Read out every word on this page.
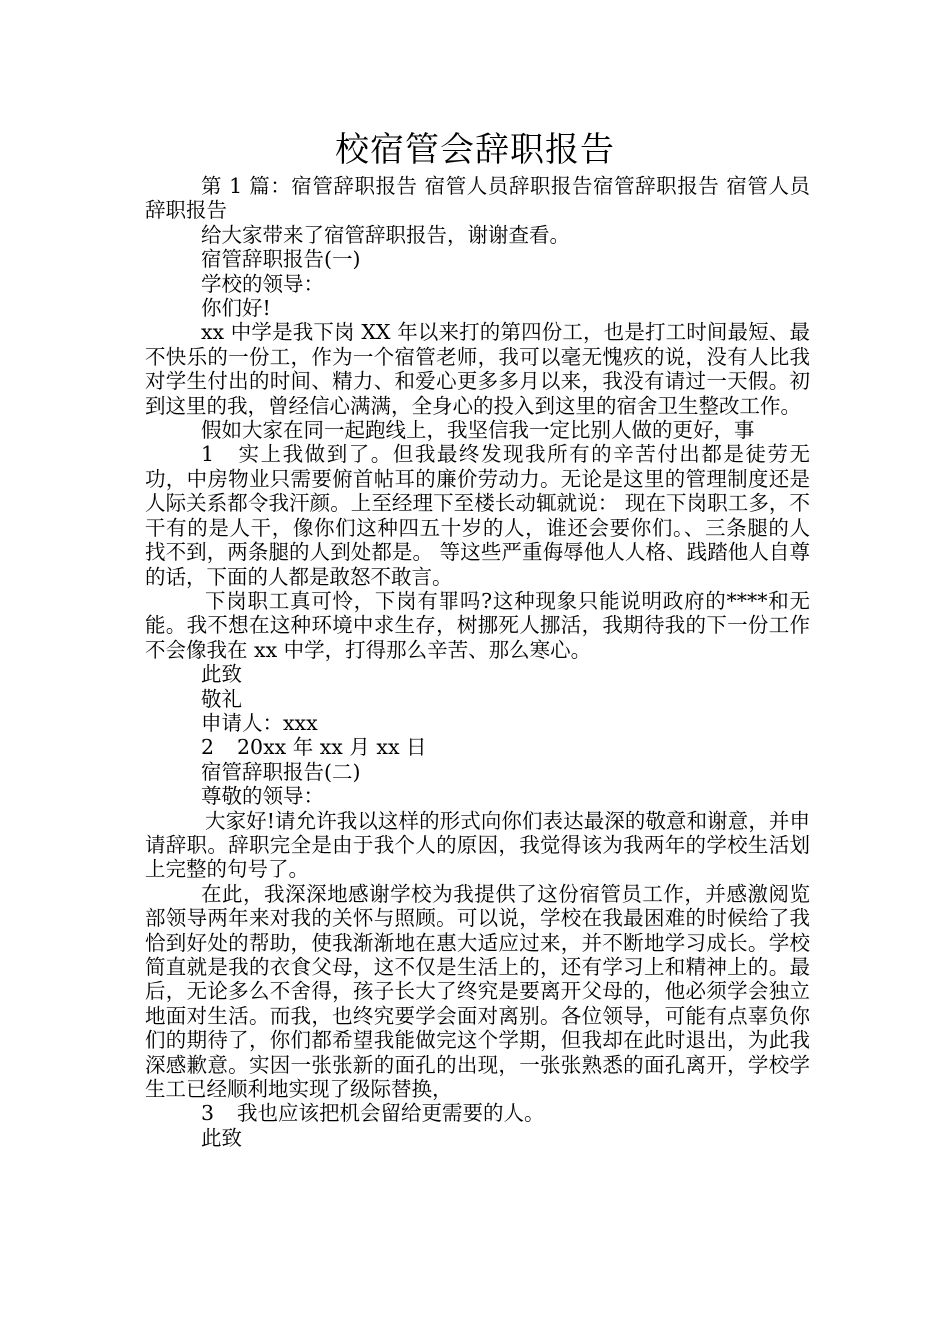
校宿管会辞职报告

第 1 篇：宿管辞职报告 宿管人员辞职报告宿管辞职报告 宿管人员辞职报告

给大家带来了宿管辞职报告，谢谢查看。

宿管辞职报告(一)

学校的领导：

你们好!

xx 中学是我下岗 XX 年以来打的第四份工，也是打工时间最短、最不快乐的一份工，作为一个宿管老师，我可以毫无愧疚的说，没有人比我对学生付出的时间、精力、和爱心更多多月以来，我没有请过一天假。初到这里的我，曾经信心满满，全身心的投入到这里的宿舍卫生整改工作。

假如大家在同一起跑线上，我坚信我一定比别人做的更好，事

1 实上我做到了。但我最终发现我所有的辛苦付出都是徒劳无功，中房物业只需要俯首帖耳的廉价劳动力。无论是这里的管理制度还是人际关系都令我汗颜。上至经理下至楼长动辄就说： 现在下岗职工多，不干有的是人干，像你们这种四五十岁的人，谁还会要你们。、三条腿的人找不到，两条腿的人到处都是。 等这些严重侮辱他人人格、践踏他人自尊的话，下面的人都是敢怒不敢言。

下岗职工真可怜，下岗有罪吗?这种现象只能说明政府的****和无能。我不想在这种环境中求生存，树挪死人挪活，我期待我的下一份工作不会像我在 xx 中学，打得那么辛苦、那么寒心。

此致

敬礼

申请人：xxx

2 20xx 年 xx 月 xx 日

宿管辞职报告(二)

尊敬的领导：

大家好!请允许我以这样的形式向你们表达最深的敬意和谢意，并申请辞职。辞职完全是由于我个人的原因，我觉得该为我两年的学校生活划上完整的句号了。

在此，我深深地感谢学校为我提供了这份宿管员工作，并感激阅览部领导两年来对我的关怀与照顾。可以说，学校在我最困难的时候给了我恰到好处的帮助，使我渐渐地在惠大适应过来，并不断地学习成长。学校简直就是我的衣食父母，这不仅是生活上的，还有学习上和精神上的。最后，无论多么不舍得，孩子长大了终究是要离开父母的，他必须学会独立地面对生活。而我，也终究要学会面对离别。各位领导，可能有点辜负你们的期待了，你们都希望我能做完这个学期，但我却在此时退出，为此我深感歉意。实因一张张新的面孔的出现，一张张熟悉的面孔离开，学校学生工已经顺利地实现了级际替换，

3 我也应该把机会留给更需要的人。

此致
